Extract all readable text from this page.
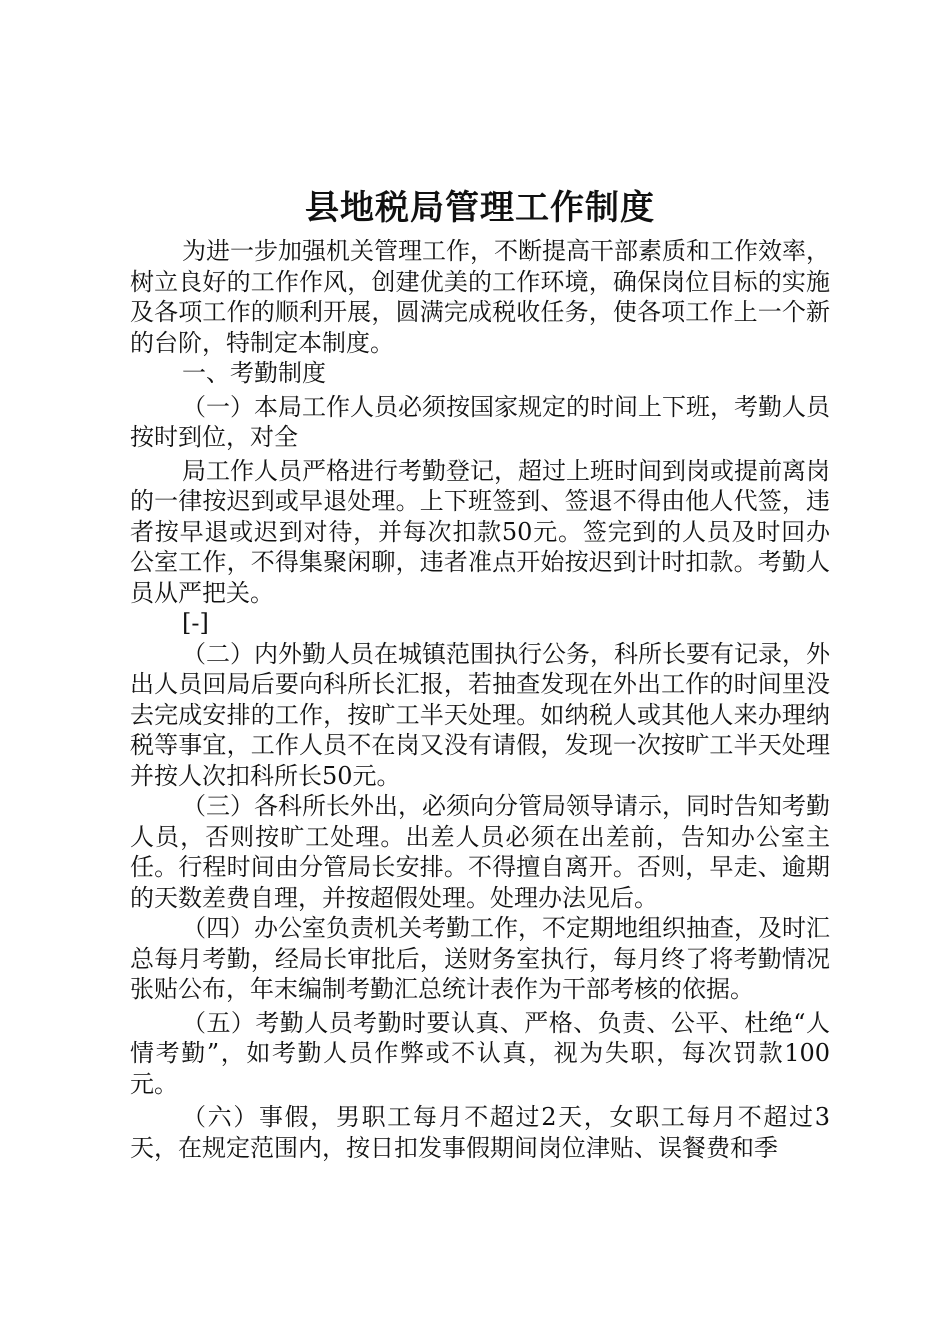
县地税局管理工作制度

为进一步加强机关管理工作，不断提高干部素质和工作效率，树立良好的工作作风，创建优美的工作环境，确保岗位目标的实施及各项工作的顺利开展，圆满完成税收任务，使各项工作上一个新的台阶，特制定本制度。

一、考勤制度

（一）本局工作人员必须按国家规定的时间上下班，考勤人员按时到位，对全

局工作人员严格进行考勤登记，超过上班时间到岗或提前离岗的一律按迟到或早退处理。上下班签到、签退不得由他人代签，违者按早退或迟到对待，并每次扣款50元。签完到的人员及时回办公室工作，不得集聚闲聊，违者准点开始按迟到计时扣款。考勤人员从严把关。

[-]

（二）内外勤人员在城镇范围执行公务，科所长要有记录，外出人员回局后要向科所长汇报，若抽查发现在外出工作的时间里没去完成安排的工作，按旷工半天处理。如纳税人或其他人来办理纳税等事宜，工作人员不在岗又没有请假，发现一次按旷工半天处理并按人次扣科所长50元。

（三）各科所长外出，必须向分管局领导请示，同时告知考勤人员，否则按旷工处理。出差人员必须在出差前，告知办公室主任。行程时间由分管局长安排。不得擅自离开。否则，早走、逾期的天数差费自理，并按超假处理。处理办法见后。

（四）办公室负责机关考勤工作，不定期地组织抽查，及时汇总每月考勤，经局长审批后，送财务室执行，每月终了将考勤情况张贴公布，年末编制考勤汇总统计表作为干部考核的依据。

（五）考勤人员考勤时要认真、严格、负责、公平、杜绝“人情考勤”，如考勤人员作弊或不认真，视为失职，每次罚款100元。

（六）事假，男职工每月不超过2天，女职工每月不超过3天，在规定范围内，按日扣发事假期间岗位津贴、误餐费和季
